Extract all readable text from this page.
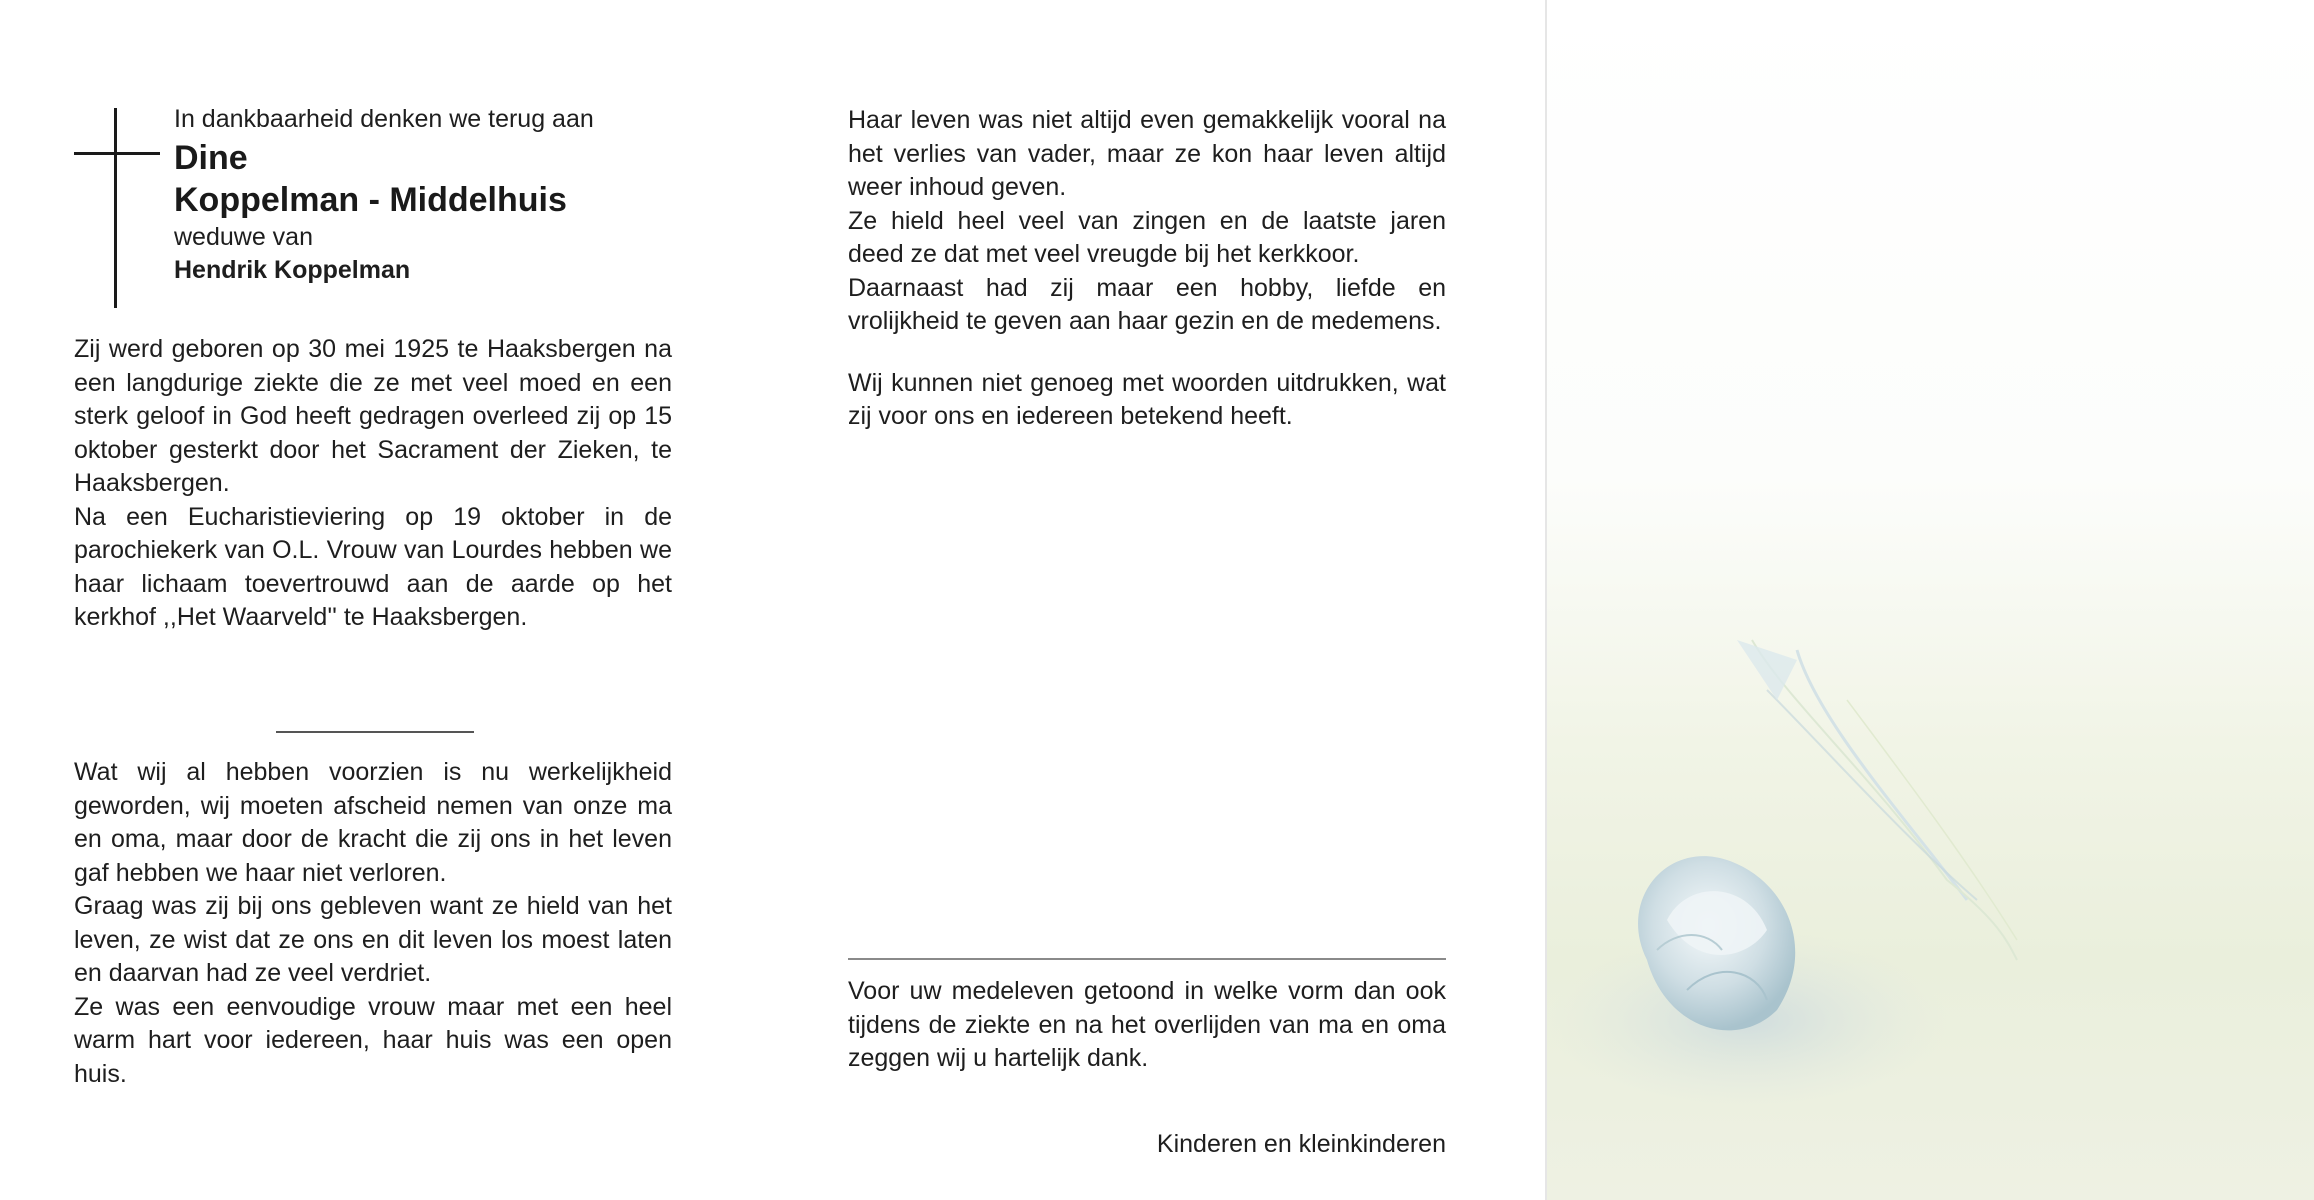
In dankbaarheid denken we terug aan

Dine
Koppelman - Middelhuis

weduwe van

Hendrik Koppelman

Zij werd geboren op 30 mei 1925 te Haaksbergen na een langdurige ziekte die ze met veel moed en een sterk geloof in God heeft gedragen overleed zij op 15 oktober gesterkt door het Sacrament der Zieken, te Haaksbergen.

Na een Eucharistieviering op 19 oktober in de parochiekerk van O.L. Vrouw van Lourdes hebben we haar lichaam toevertrouwd aan de aarde op het kerkhof ,,Het Waarveld'' te Haaksbergen.

Wat wij al hebben voorzien is nu werkelijkheid geworden, wij moeten afscheid nemen van onze ma en oma, maar door de kracht die zij ons in het leven gaf hebben we haar niet verloren.

Graag was zij bij ons gebleven want ze hield van het leven, ze wist dat ze ons en dit leven los moest laten en daarvan had ze veel verdriet.

Ze was een eenvoudige vrouw maar met een heel warm hart voor iedereen, haar huis was een open huis.

Haar leven was niet altijd even gemakkelijk vooral na het verlies van vader, maar ze kon haar leven altijd weer inhoud geven.

Ze hield heel veel van zingen en de laatste jaren deed ze dat met veel vreugde bij het kerkkoor.

Daarnaast had zij maar een hobby, liefde en vrolijkheid te geven aan haar gezin en de medemens.

Wij kunnen niet genoeg met woorden uitdrukken, wat zij voor ons en iedereen betekend heeft.

Voor uw medeleven getoond in welke vorm dan ook tijdens de ziekte en na het overlijden van ma en oma zeggen wij u hartelijk dank.

Kinderen en kleinkinderen
